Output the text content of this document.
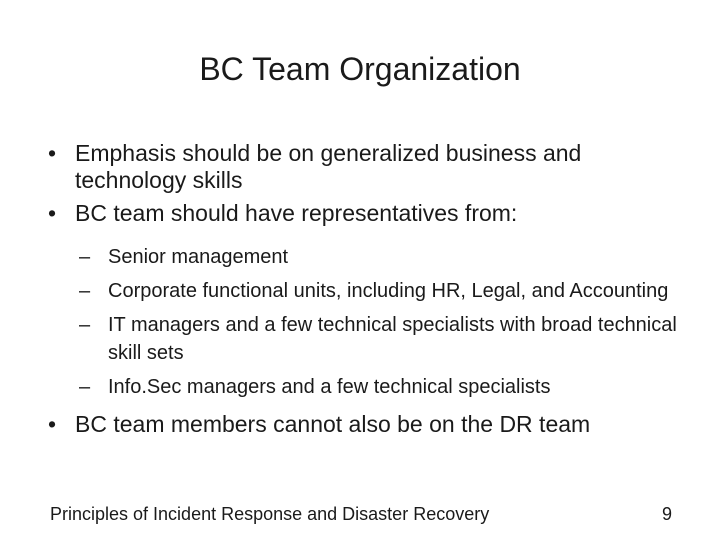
BC Team Organization
• Emphasis should be on generalized business and technology skills
• BC team should have representatives from:
– Senior management
– Corporate functional units, including HR, Legal, and Accounting
– IT managers and a few technical specialists with broad technical skill sets
– Info.Sec managers and a few technical specialists
• BC team members cannot also be on the DR team
Principles of Incident Response and Disaster Recovery	9
